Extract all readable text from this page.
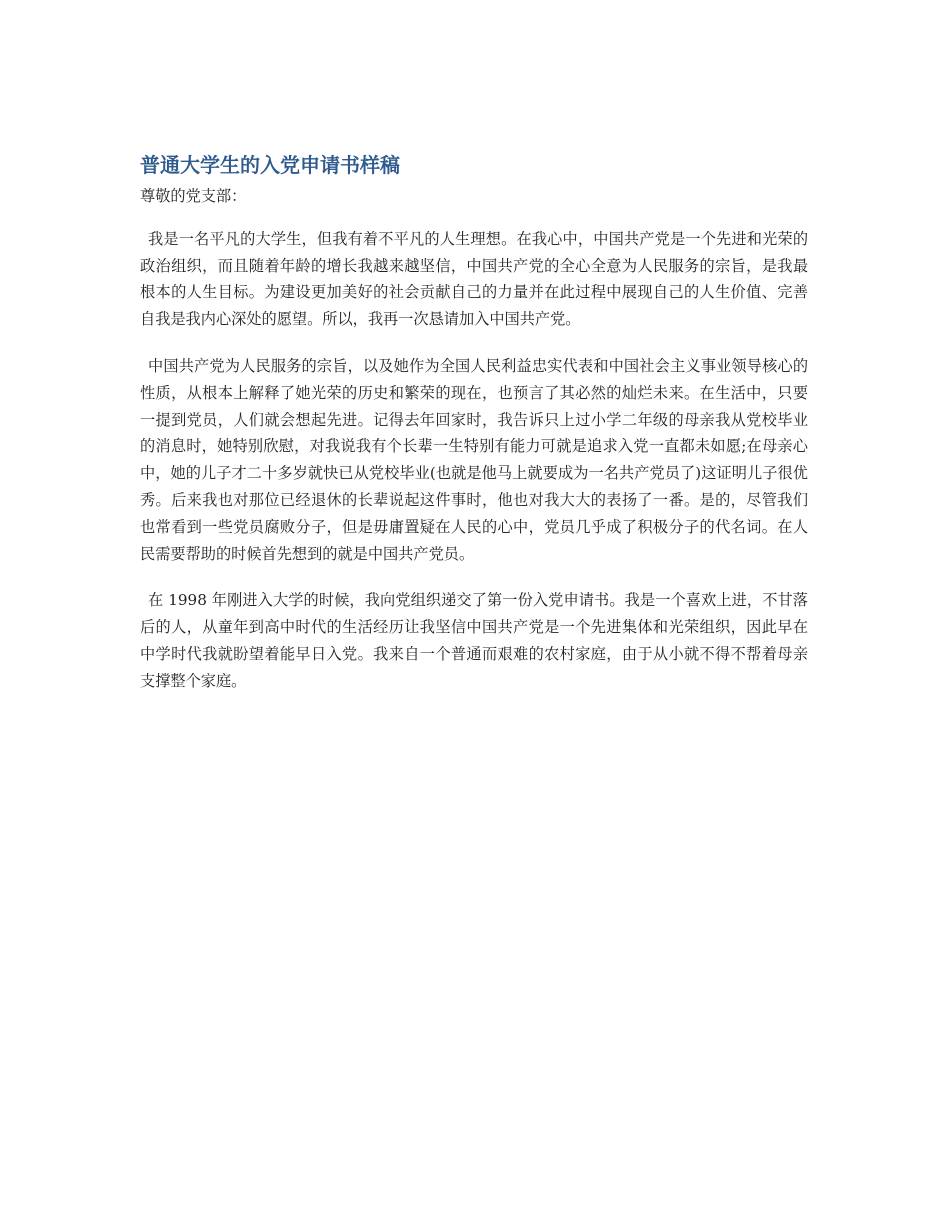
普通大学生的入党申请书样稿

尊敬的党支部：

我是一名平凡的大学生，但我有着不平凡的人生理想。在我心中，中国共产党是一个先进和光荣的政治组织，而且随着年龄的增长我越来越坚信，中国共产党的全心全意为人民服务的宗旨，是我最根本的人生目标。为建设更加美好的社会贡献自己的力量并在此过程中展现自己的人生价值、完善自我是我内心深处的愿望。所以，我再一次恳请加入中国共产党。

中国共产党为人民服务的宗旨，以及她作为全国人民利益忠实代表和中国社会主义事业领导核心的性质，从根本上解释了她光荣的历史和繁荣的现在，也预言了其必然的灿烂未来。在生活中，只要一提到党员，人们就会想起先进。记得去年回家时，我告诉只上过小学二年级的母亲我从党校毕业的消息时，她特别欣慰，对我说我有个长辈一生特别有能力可就是追求入党一直都未如愿;在母亲心中，她的儿子才二十多岁就快已从党校毕业(也就是他马上就要成为一名共产党员了)这证明儿子很优秀。后来我也对那位已经退休的长辈说起这件事时，他也对我大大的表扬了一番。是的，尽管我们也常看到一些党员腐败分子，但是毋庸置疑在人民的心中，党员几乎成了积极分子的代名词。在人民需要帮助的时候首先想到的就是中国共产党员。

在 1998 年刚进入大学的时候，我向党组织递交了第一份入党申请书。我是一个喜欢上进，不甘落后的人，从童年到高中时代的生活经历让我坚信中国共产党是一个先进集体和光荣组织，因此早在中学时代我就盼望着能早日入党。我来自一个普通而艰难的农村家庭，由于从小就不得不帮着母亲支撑整个家庭。
